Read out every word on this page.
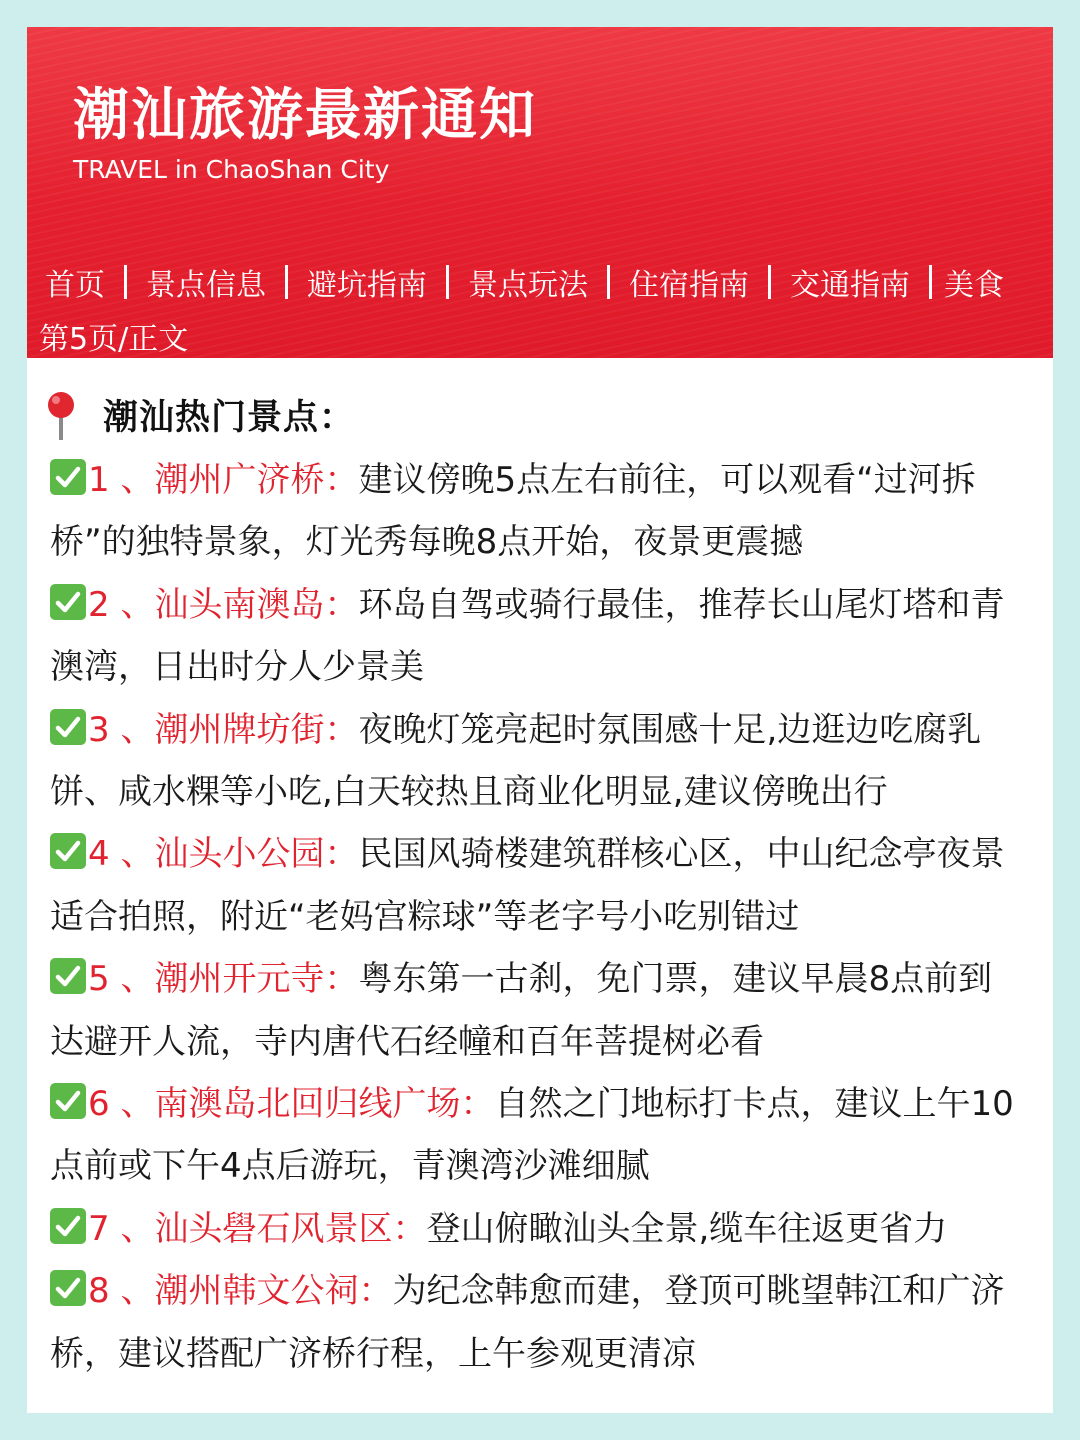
潮汕旅游最新通知
TRAVEL in ChaoShan City
首页 景点信息 避坑指南 景点玩法 住宿指南 交通指南 美食
第5页/正文
潮汕热门景点：

1 、潮州广济桥：建议傍晚5点左右前往，可以观看“过河拆桥”的独特景象，灯光秀每晚8点开始，夜景更震撼

2 、汕头南澳岛：环岛自驾或骑行最佳，推荐长山尾灯塔和青澳湾，日出时分人少景美

3 、潮州牌坊街：夜晚灯笼亮起时氛围感十足,边逛边吃腐乳饼、咸水粿等小吃,白天较热且商业化明显,建议傍晚出行

4 、汕头小公园：民国风骑楼建筑群核心区，中山纪念亭夜景适合拍照，附近“老妈宫粽球”等老字号小吃别错过

5 、潮州开元寺：粤东第一古刹，免门票，建议早晨8点前到达避开人流，寺内唐代石经幢和百年菩提树必看

6 、南澳岛北回归线广场：自然之门地标打卡点，建议上午10点前或下午4点后游玩，青澳湾沙滩细腻

7 、汕头礐石风景区：登山俯瞰汕头全景,缆车往返更省力

8 、潮州韩文公祠：为纪念韩愈而建，登顶可眺望韩江和广济桥，建议搭配广济桥行程，上午参观更清凉
